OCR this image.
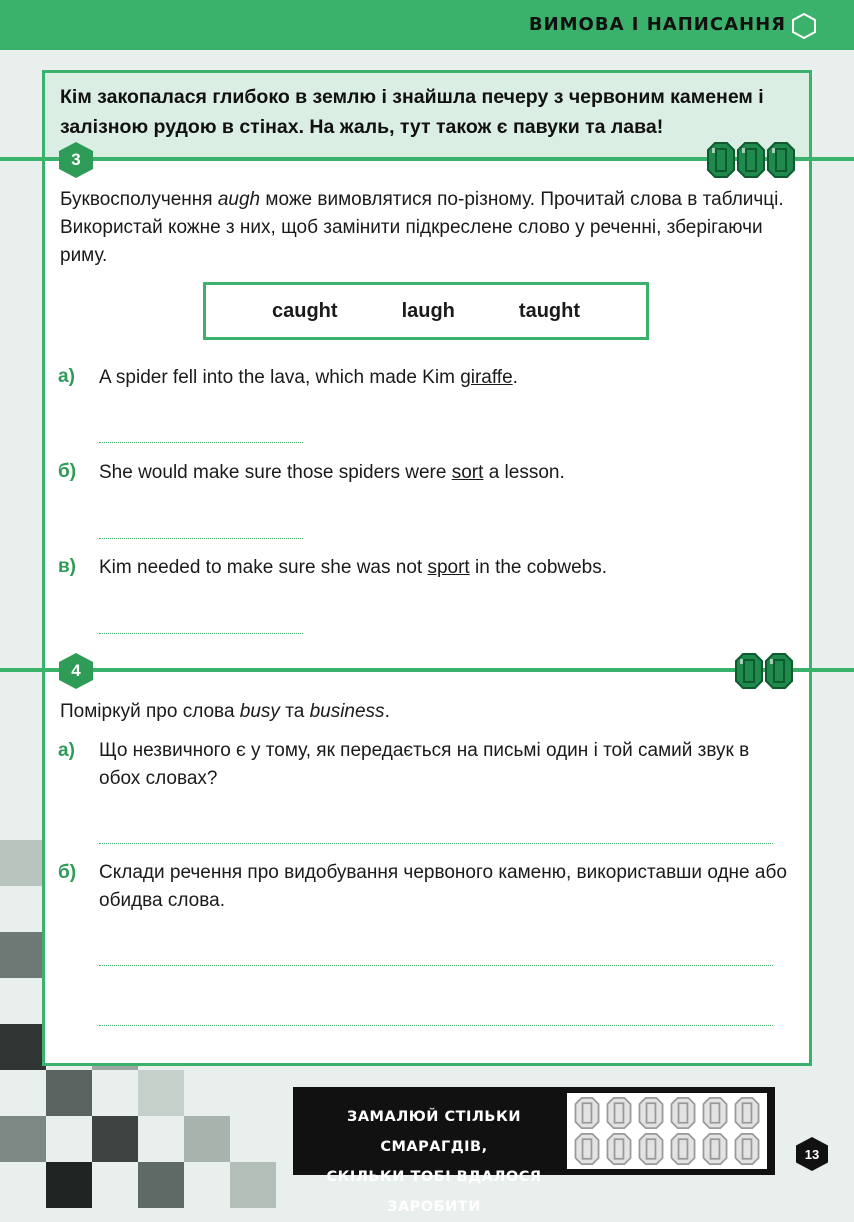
ВИМОВА І НАПИСАННЯ
Кім закопалася глибоко в землю і знайшла печеру з червоним каменем і залізною рудою в стінах. На жаль, тут також є павуки та лава!
3
Буквосполучення augh може вимовлятися по-різному. Прочитай слова в табличці. Використай кожне з них, щоб замінити підкреслене слово у реченні, зберігаючи риму.
caught	laugh	taught
а) A spider fell into the lava, which made Kim giraffe.
б) She would make sure those spiders were sort a lesson.
в) Kim needed to make sure she was not sport in the cobwebs.
4
Поміркуй про слова busy та business.
а) Що незвичного є у тому, як передається на письмі один і той самий звук в обох словах?
б) Склади речення про видобування червоного каменю, використавши одне або обидва слова.
ЗАМАЛЮЙ СТІЛЬКИ СМАРАГДІВ,
СКІЛЬКИ ТОБІ ВДАЛОСЯ ЗАРОБИТИ
13
